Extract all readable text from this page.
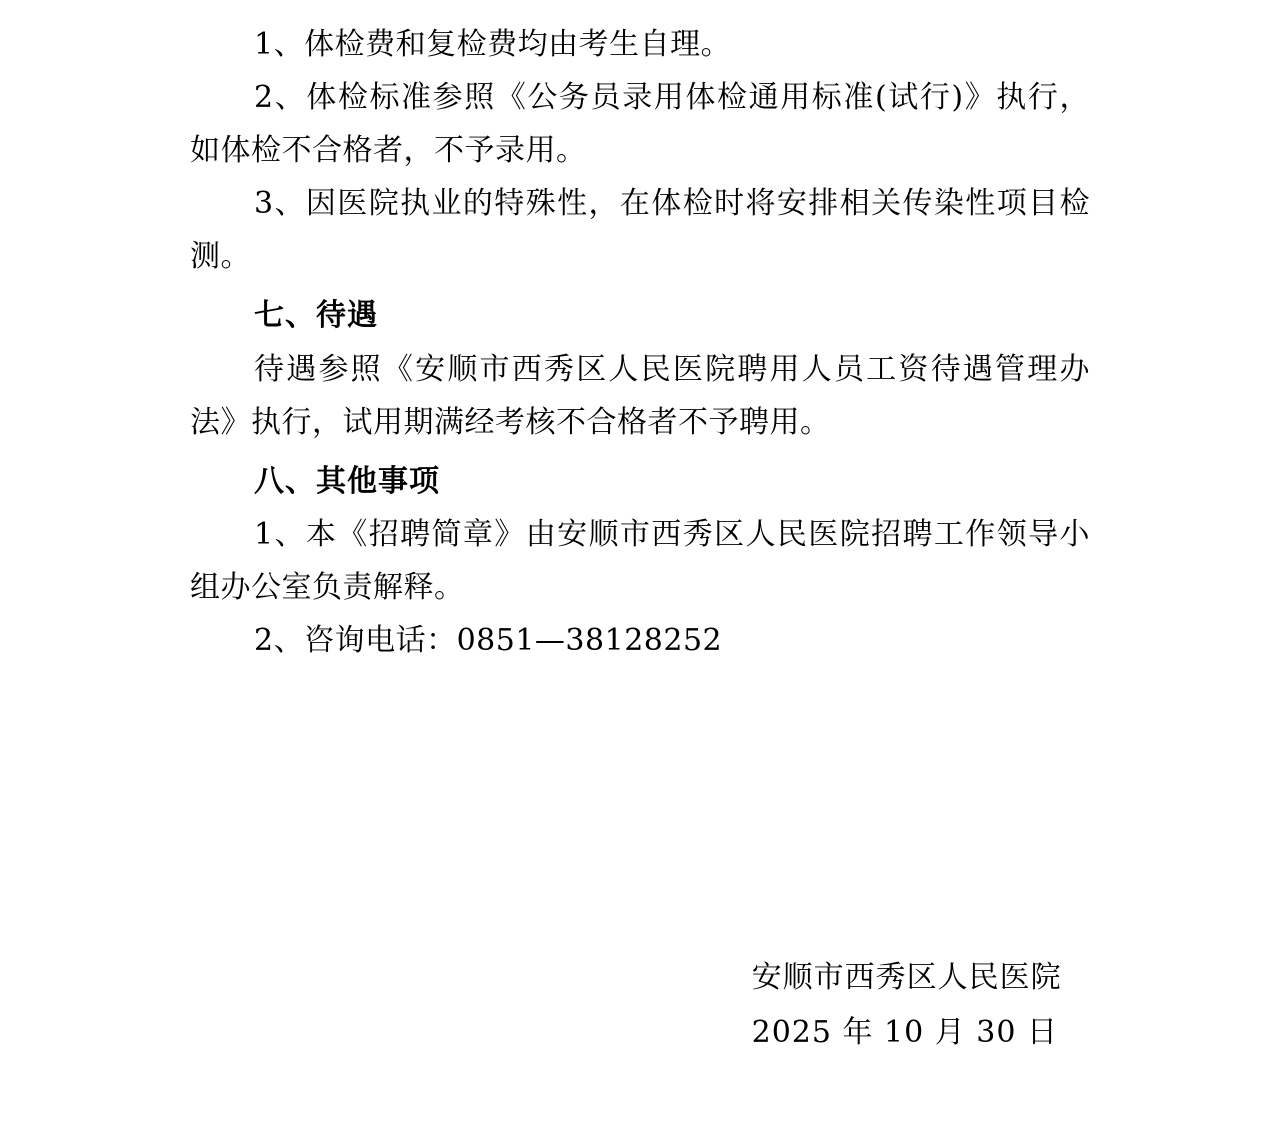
1、体检费和复检费均由考生自理。

2、体检标准参照《公务员录用体检通用标准(试行)》执行，如体检不合格者，不予录用。

3、因医院执业的特殊性，在体检时将安排相关传染性项目检测。

七、待遇

待遇参照《安顺市西秀区人民医院聘用人员工资待遇管理办法》执行，试用期满经考核不合格者不予聘用。

八、其他事项

1、本《招聘简章》由安顺市西秀区人民医院招聘工作领导小组办公室负责解释。

2、咨询电话：0851—38128252

安顺市西秀区人民医院
2025 年 10 月 30 日
